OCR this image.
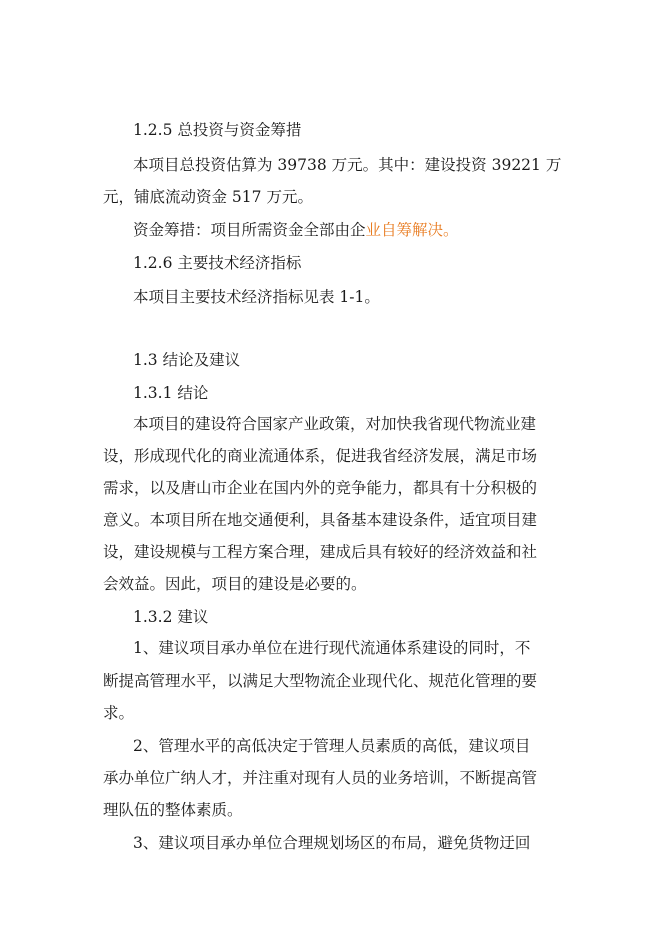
1.2.5 总投资与资金筹措
本项目总投资估算为 39738 万元。其中：建设投资 39221 万
元，铺底流动资金 517 万元。
资金筹措：项目所需资金全部由企业自筹解决。
1.2.6 主要技术经济指标
本项目主要技术经济指标见表 1-1。
1.3 结论及建议
1.3.1 结论
本项目的建设符合国家产业政策，对加快我省现代物流业建
设，形成现代化的商业流通体系，促进我省经济发展，满足市场
需求，以及唐山市企业在国内外的竞争能力，都具有十分积极的
意义。本项目所在地交通便利，具备基本建设条件，适宜项目建
设，建设规模与工程方案合理，建成后具有较好的经济效益和社
会效益。因此，项目的建设是必要的。
1.3.2 建议
1、建议项目承办单位在进行现代流通体系建设的同时，不
断提高管理水平，以满足大型物流企业现代化、规范化管理的要
求。
2、管理水平的高低决定于管理人员素质的高低，建议项目
承办单位广纳人才，并注重对现有人员的业务培训，不断提高管
理队伍的整体素质。
3、建议项目承办单位合理规划场区的布局，避免货物迂回
